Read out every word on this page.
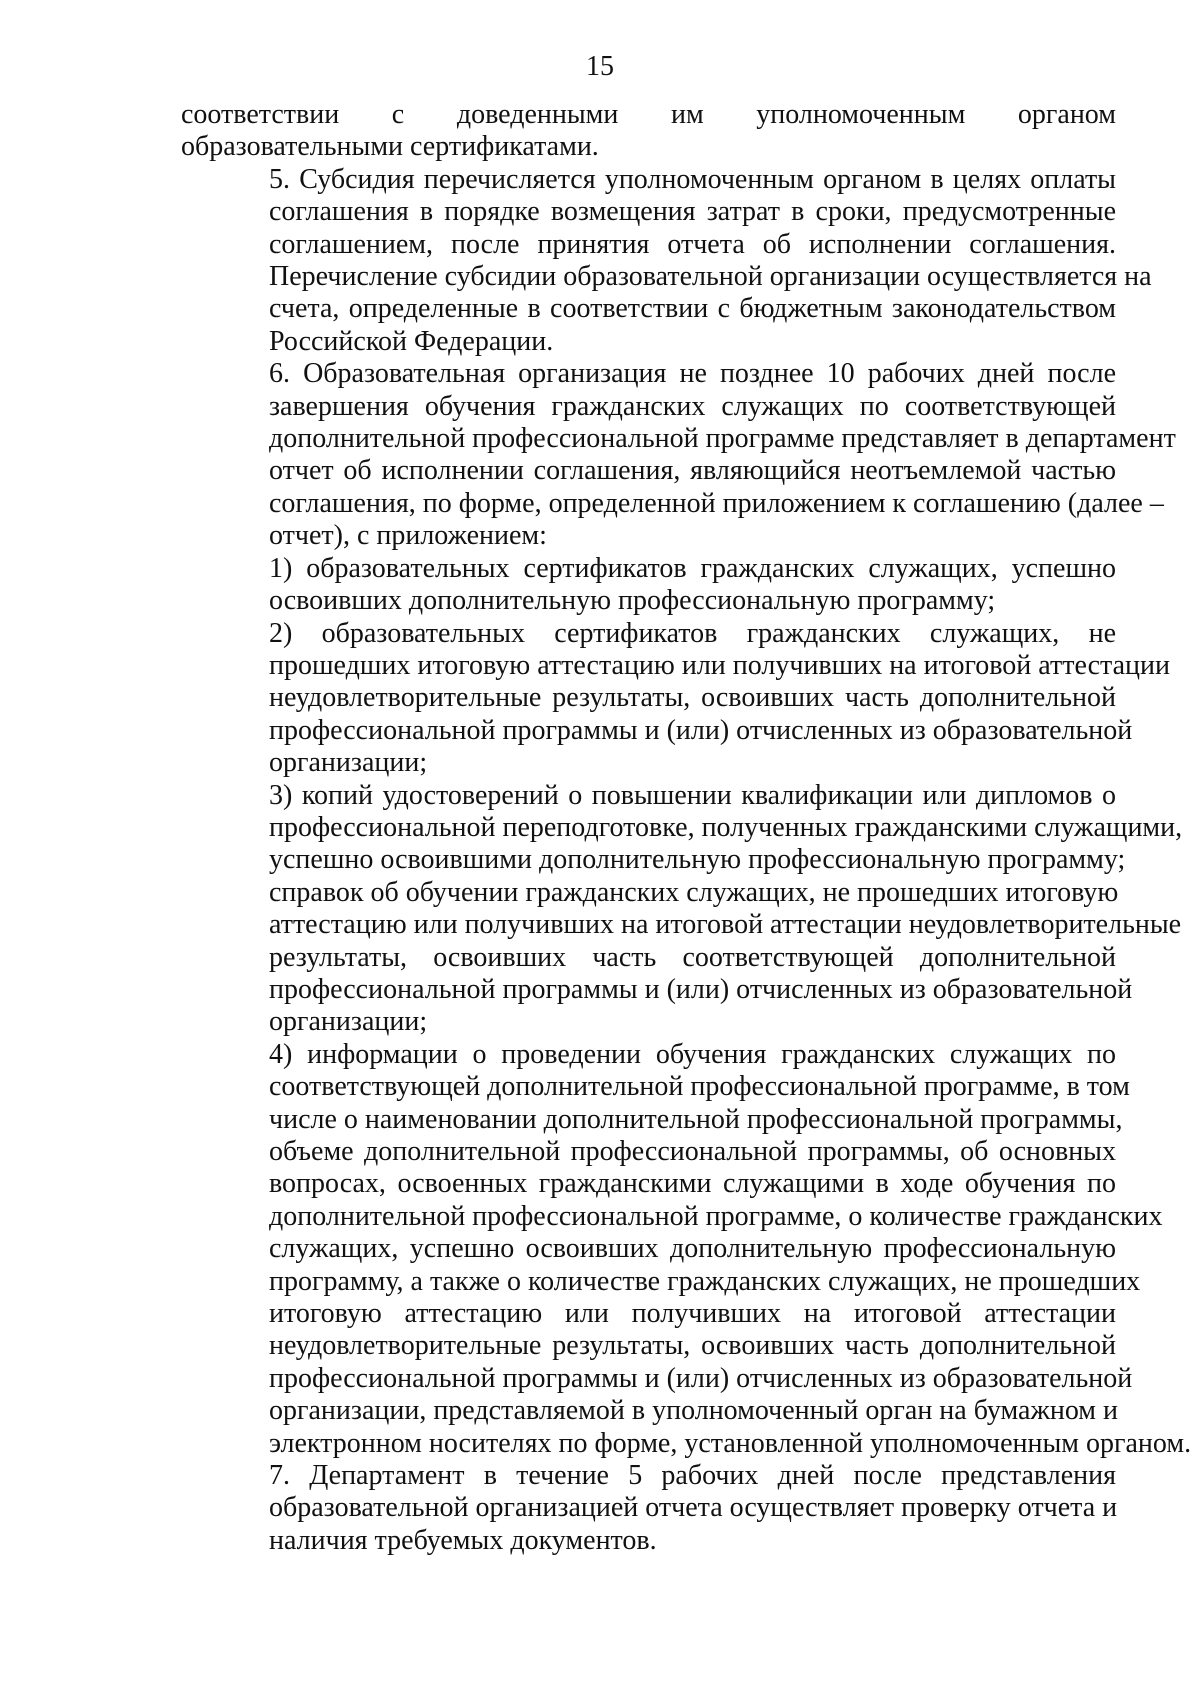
15
соответствии с доведенными им уполномоченным органом
образовательными сертификатами.
5. Субсидия перечисляется уполномоченным органом в целях оплаты
соглашения в порядке возмещения затрат в сроки, предусмотренные
соглашением, после принятия отчета об исполнении соглашения.
Перечисление субсидии образовательной организации осуществляется на
счета, определенные в соответствии с бюджетным законодательством
Российской Федерации.
6. Образовательная организация не позднее 10 рабочих дней после
завершения обучения гражданских служащих по соответствующей
дополнительной профессиональной программе представляет в департамент
отчет об исполнении соглашения, являющийся неотъемлемой частью
соглашения, по форме, определенной приложением к соглашению (далее –
отчет), с приложением:
1) образовательных сертификатов гражданских служащих, успешно
освоивших дополнительную профессиональную программу;
2) образовательных сертификатов гражданских служащих, не
прошедших итоговую аттестацию или получивших на итоговой аттестации
неудовлетворительные результаты, освоивших часть дополнительной
профессиональной программы и (или) отчисленных из образовательной
организации;
3) копий удостоверений о повышении квалификации или дипломов о
профессиональной переподготовке, полученных гражданскими служащими,
успешно освоившими дополнительную профессиональную программу;
справок об обучении гражданских служащих, не прошедших итоговую
аттестацию или получивших на итоговой аттестации неудовлетворительные
результаты, освоивших часть соответствующей дополнительной
профессиональной программы и (или) отчисленных из образовательной
организации;
4) информации о проведении обучения гражданских служащих по
соответствующей дополнительной профессиональной программе, в том
числе о наименовании дополнительной профессиональной программы,
объеме дополнительной профессиональной программы, об основных
вопросах, освоенных гражданскими служащими в ходе обучения по
дополнительной профессиональной программе, о количестве гражданских
служащих, успешно освоивших дополнительную профессиональную
программу, а также о количестве гражданских служащих, не прошедших
итоговую аттестацию или получивших на итоговой аттестации
неудовлетворительные результаты, освоивших часть дополнительной
профессиональной программы и (или) отчисленных из образовательной
организации, представляемой в уполномоченный орган на бумажном и
электронном носителях по форме, установленной уполномоченным органом.
7. Департамент в течение 5 рабочих дней после представления
образовательной организацией отчета осуществляет проверку отчета и
наличия требуемых документов.
